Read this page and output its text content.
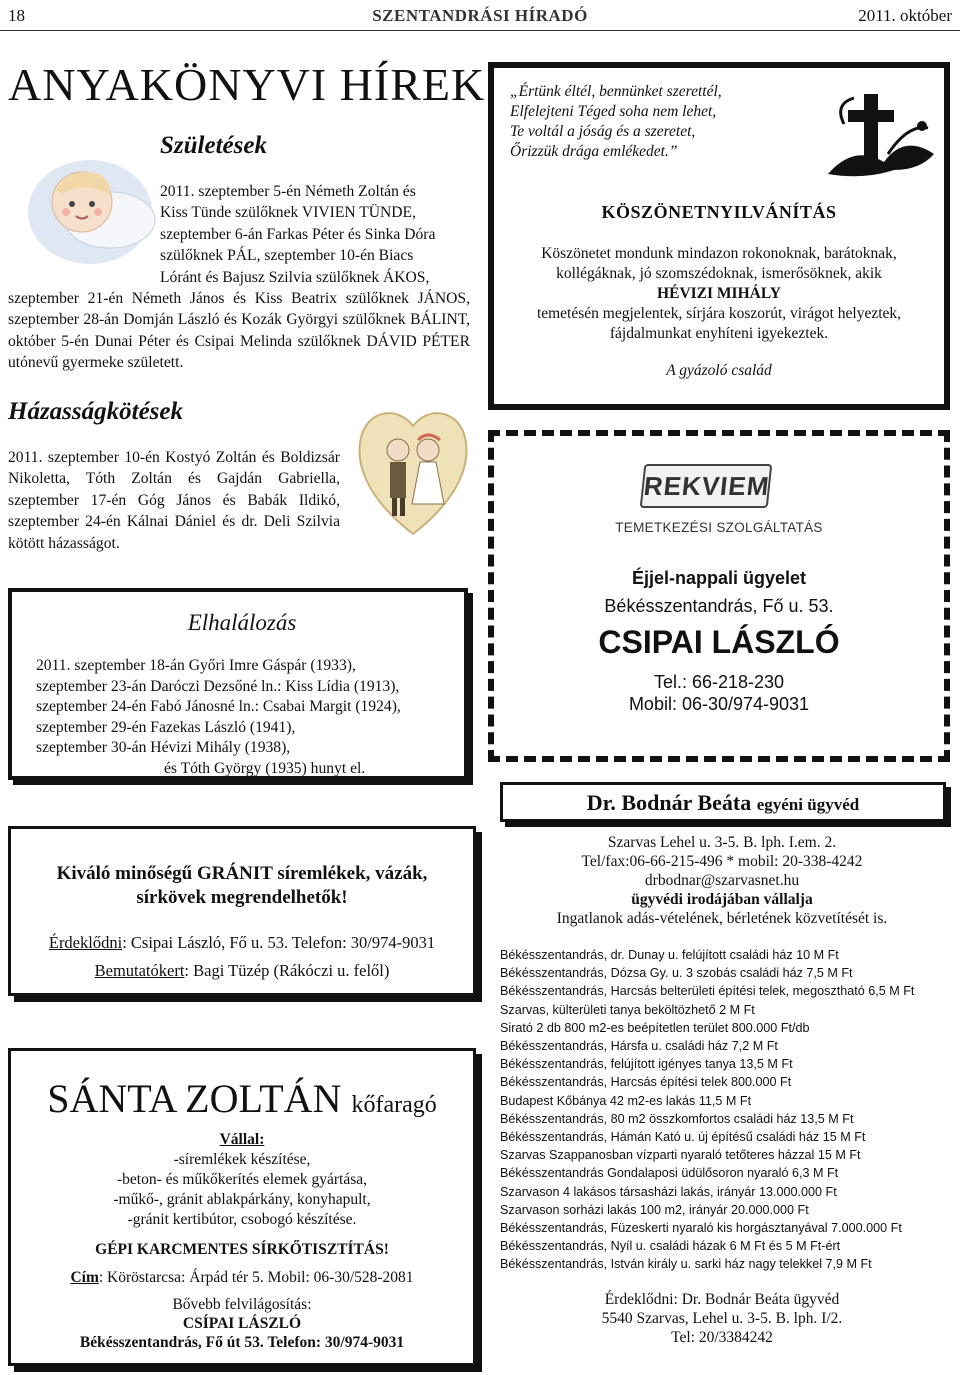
18	SZENTANDRÁSI HÍRADÓ	2011. október
ANYAKÖNYVI HÍREK
Születések
2011. szeptember 5-én Németh Zoltán és
Kiss Tünde szülőknek VIVIEN TÜNDE,
szeptember 6-án Farkas Péter és Sinka Dóra
szülőknek PÁL, szeptember 10-én Biacs
Lóránt és Bajusz Szilvia szülőknek ÁKOS,
szeptember 21-én Németh János és Kiss Beatrix szülőknek JÁNOS, szeptember 28-án Domján László és Kozák Györgyi szülőknek BÁLINT, október 5-én Dunai Péter és Csipai Melinda szülőknek DÁVID PÉTER utónevű gyermeke született.
Házasságkötések
2011. szeptember 10-én Kostyó Zoltán és Boldizsár Nikoletta, Tóth Zoltán és Gajdán Gabriella, szeptember 17-én Góg János és Babák Ildikó, szeptember 24-én Kálnai Dániel és dr. Deli Szilvia kötött házasságot.
Elhalálozás
2011. szeptember 18-án Győri Imre Gáspár (1933),
szeptember 23-án Daróczi Dezsőné ln.: Kiss Lídia (1913),
szeptember 24-én Fabó Jánosné ln.: Csabai Margit (1924),
szeptember 29-én Fazekas László (1941),
szeptember 30-án Hévizi Mihály (1938),
és Tóth György (1935) hunyt el.
Kiváló minőségű GRÁNIT síremlékek, vázák,
sírkövek megrendelhetők!
Érdeklődni: Csipai László, Fő u. 53. Telefon: 30/974-9031
Bemutatókert: Bagi Tüzép (Rákóczi u. felől)
SÁNTA ZOLTÁN kőfaragó
Vállal:
-síremlékek készítése,
-beton- és műkőkerítés elemek gyártása,
-műkő-, gránit ablakpárkány, konyhapult,
-gránit kertibútor, csobogó készítése.
GÉPI KARCMENTES SÍRKŐTISZTÍTÁS!
Cím: Köröstarcsa: Árpád tér 5. Mobil: 06-30/528-2081
Bővebb felvilágosítás:
CSÍPAI LÁSZLÓ
Békésszentandrás, Fő út 53. Telefon: 30/974-9031
„Értünk éltél, bennünket szerettél,
Elfelejteni Téged soha nem lehet,
Te voltál a jóság és a szeretet,
Őrizzük drága emlékedet.”
KÖSZÖNETNYILVÁNÍTÁS
Köszönetet mondunk mindazon rokonoknak, barátoknak,
kollégáknak, jó szomszédoknak, ismerősöknek, akik
HÉVIZI MIHÁLY
temetésén megjelentek, sírjára koszorút, virágot helyeztek,
fájdalmunkat enyhíteni igyekeztek.
A gyázoló család
REKVIEM
TEMETKEZÉSI SZOLGÁLTATÁS
Éjjel-nappali ügyelet
Békésszentandrás, Fő u. 53.
CSIPAI LÁSZLÓ
Tel.: 66-218-230
Mobil: 06-30/974-9031
Dr. Bodnár Beáta egyéni ügyvéd
Szarvas Lehel u. 3-5. B. lph. I.em. 2.
Tel/fax:06-66-215-496 * mobil: 20-338-4242
drbodnar@szarvasnet.hu
ügyvédi irodájában vállalja
Ingatlanok adás-vételének, bérletének közvetítését is.
Békésszentandrás, dr. Dunay u. felújított családi ház 10 M Ft
Békésszentandrás, Dózsa Gy. u. 3 szobás családi ház 7,5 M Ft
Békésszentandrás, Harcsás belterületi építési telek, megosztható 6,5 M Ft
Szarvas, külterületi tanya beköltözhető 2 M Ft
Sirató 2 db 800 m2-es beépítetlen terület 800.000 Ft/db
Békésszentandrás, Hársfa u. családi ház 7,2 M Ft
Békésszentandrás, felújított igényes tanya 13,5 M Ft
Békésszentandrás, Harcsás építési telek 800.000 Ft
Budapest Kőbánya 42 m2-es lakás 11,5 M Ft
Békésszentandrás, 80 m2 összkomfortos családi ház 13,5 M Ft
Békésszentandrás, Hámán Kató u. új építésű családi ház 15 M Ft
Szarvas Szappanosban vízparti nyaraló tetőteres házzal 15 M Ft
Békésszentandrás Gondalaposi üdülősoron nyaraló 6,3 M Ft
Szarvason 4 lakásos társasházi lakás, irányár 13.000.000 Ft
Szarvason sorházi lakás 100 m2, irányár 20.000.000 Ft
Békésszentandrás, Füzeskerti nyaraló kis horgásztanyával 7.000.000 Ft
Békésszentandrás, Nyíl u. családi házak 6 M Ft és 5 M Ft-ért
Békésszentandrás, István király u. sarki ház nagy telekkel 7,9 M Ft
Érdeklődni: Dr. Bodnár Beáta ügyvéd
5540 Szarvas, Lehel u. 3-5. B. lph. I/2.
Tel: 20/3384242
